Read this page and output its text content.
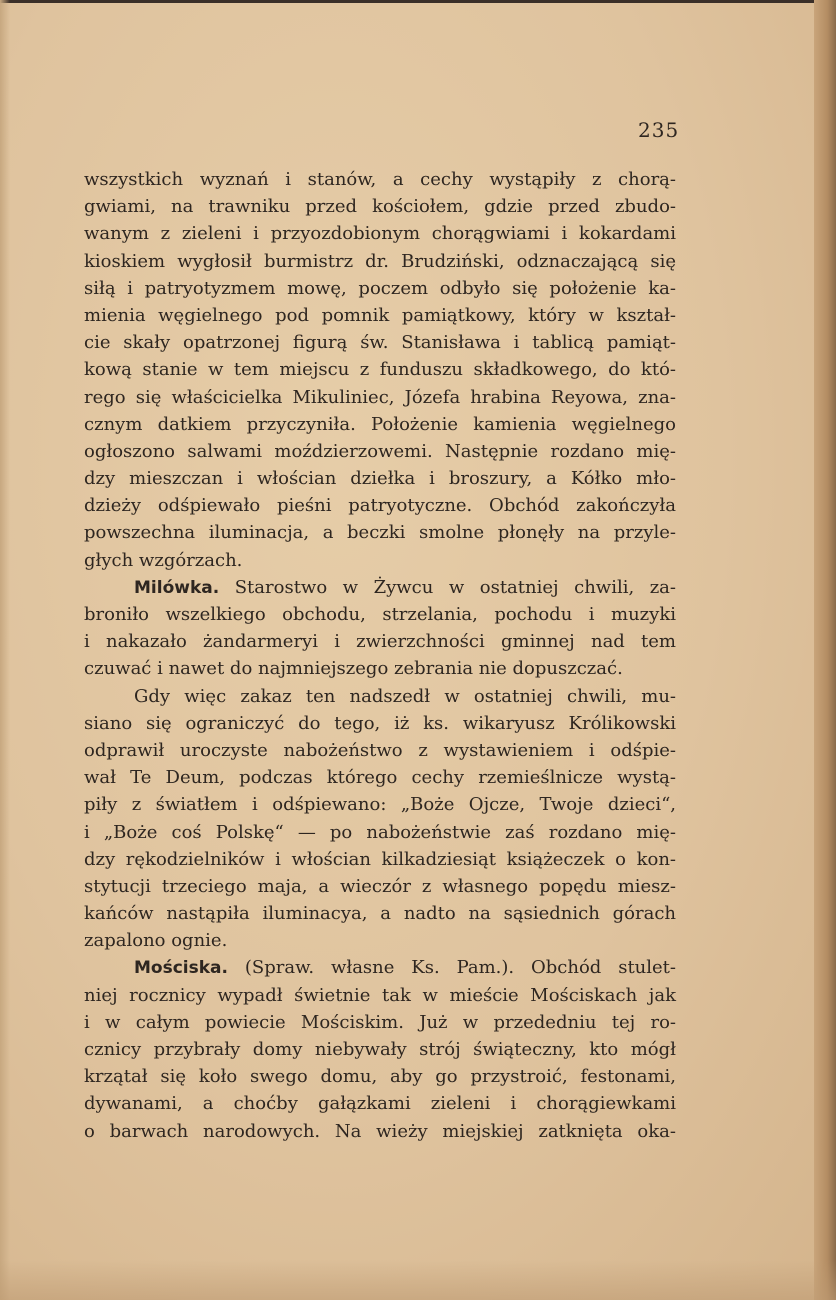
235
wszystkich wyznań i stanów, a cechy wystąpiły z chorą-
gwiami, na trawniku przed kościołem, gdzie przed zbudo-
wanym z zieleni i przyozdobionym chorągwiami i kokardami
kioskiem wygłosił burmistrz dr. Brudziński, odznaczającą się
siłą i patryotyzmem mowę, poczem odbyło się położenie ka-
mienia węgielnego pod pomnik pamiątkowy, który w kształ-
cie skały opatrzonej figurą św. Stanisława i tablicą pamiąt-
kową stanie w tem miejscu z funduszu składkowego, do któ-
rego się właścicielka Mikuliniec, Józefa hrabina Reyowa, zna-
cznym datkiem przyczyniła. Położenie kamienia węgielnego
ogłoszono salwami moździerzowemi. Następnie rozdano mię-
dzy mieszczan i włościan dziełka i broszury, a Kółko mło-
dzieży odśpiewało pieśni patryotyczne. Obchód zakończyła
powszechna iluminacja, a beczki smolne płonęły na przyle-
głych wzgórzach.
Milówka. Starostwo w Żywcu w ostatniej chwili, za-
broniło wszelkiego obchodu, strzelania, pochodu i muzyki
i nakazało żandarmeryi i zwierzchności gminnej nad tem
czuwać i nawet do najmniejszego zebrania nie dopuszczać.
Gdy więc zakaz ten nadszedł w ostatniej chwili, mu-
siano się ograniczyć do tego, iż ks. wikaryusz Królikowski
odprawił uroczyste nabożeństwo z wystawieniem i odśpie-
wał Te Deum, podczas którego cechy rzemieślnicze wystą-
piły z światłem i odśpiewano: „Boże Ojcze, Twoje dzieci“,
i „Boże coś Polskę“ — po nabożeństwie zaś rozdano mię-
dzy rękodzielników i włościan kilkadziesiąt książeczek o kon-
stytucji trzeciego maja, a wieczór z własnego popędu miesz-
kańców nastąpiła iluminacya, a nadto na sąsiednich górach
zapalono ognie.
Mościska. (Spraw. własne Ks. Pam.). Obchód stulet-
niej rocznicy wypadł świetnie tak w mieście Mościskach jak
i w całym powiecie Mościskim. Już w przededniu tej ro-
cznicy przybrały domy niebywały strój świąteczny, kto mógł
krzątał się koło swego domu, aby go przystroić, festonami,
dywanami, a choćby gałązkami zieleni i chorągiewkami
o barwach narodowych. Na wieży miejskiej zatknięta oka-
